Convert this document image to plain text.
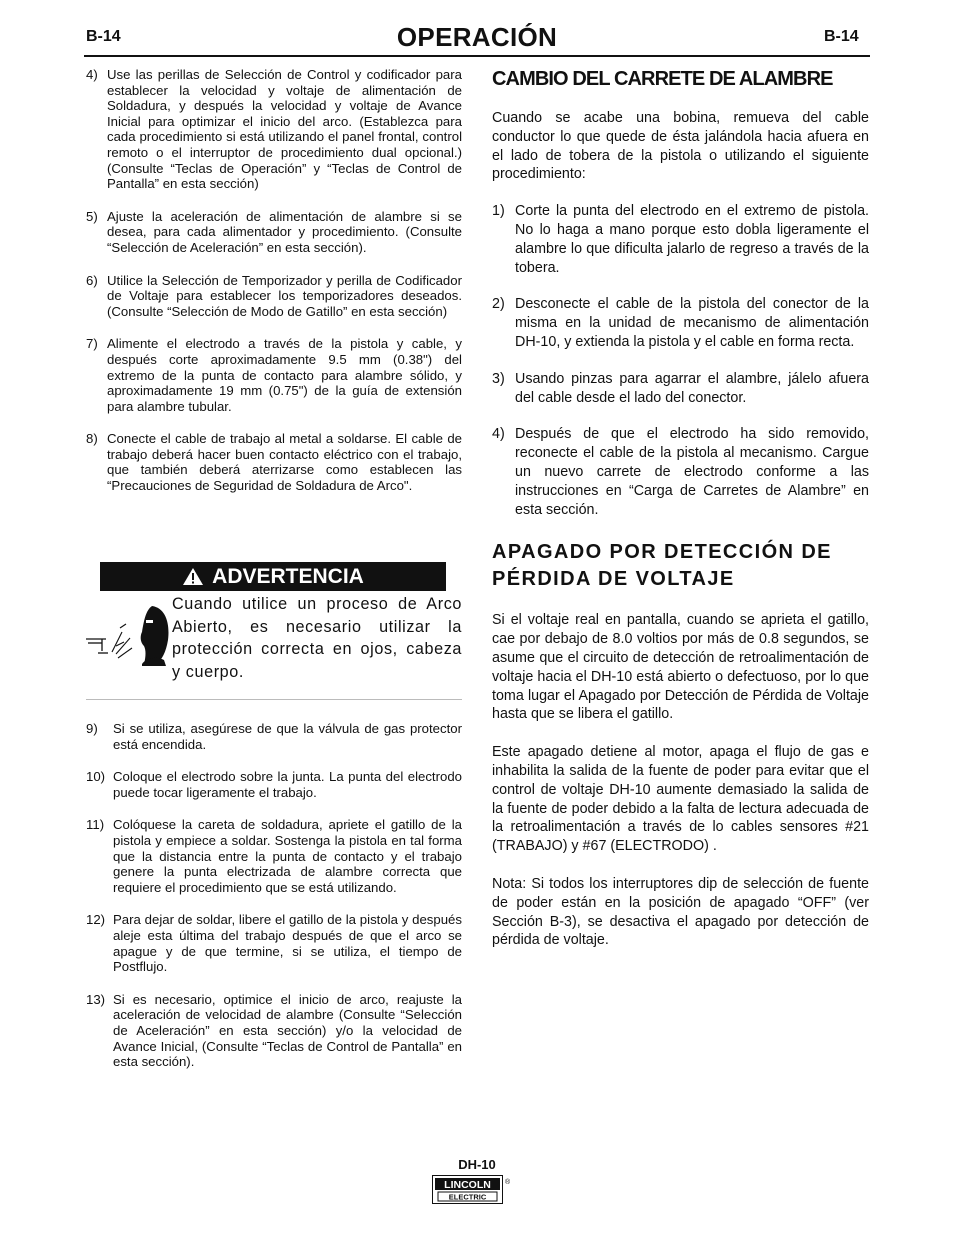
B-14	OPERACIÓN	B-14
4) Use las perillas de Selección de Control y codificador para establecer la velocidad y voltaje de alimentación de Soldadura, y después la velocidad y voltaje de Avance Inicial para optimizar el inicio del arco. (Establezca para cada procedimiento si está utilizando el panel frontal, control remoto o el interruptor de procedimiento dual opcional.) (Consulte “Teclas de Operación” y “Teclas de Control de Pantalla” en esta sección)
5) Ajuste la aceleración de alimentación de alambre si se desea, para cada alimentador y procedimiento. (Consulte “Selección de Aceleración” en esta sección).
6) Utilice la Selección de Temporizador y perilla de Codificador de Voltaje para establecer los temporizadores deseados. (Consulte “Selección de Modo de Gatillo” en esta sección)
7) Alimente el electrodo a través de la pistola y cable, y después corte aproximadamente 9.5 mm (0.38") del extremo de la punta de contacto para alambre sólido, y aproximadamente 19 mm (0.75") de la guía de extensión para alambre tubular.
8) Conecte el cable de trabajo al metal a soldarse. El cable de trabajo deberá hacer buen contacto eléctrico con el trabajo, que también deberá aterrizarse como establecen las “Precauciones de Seguridad de Soldadura de Arco".
ADVERTENCIA
Cuando utilice un proceso de Arco Abierto, es necesario utilizar la protección correcta en ojos, cabeza y cuerpo.
9)	Si se utiliza, asegúrese de que la válvula de gas protector está encendida.
10) Coloque el electrodo sobre la junta. La punta del electrodo puede tocar ligeramente el trabajo.
11) Colóquese la careta de soldadura, apriete el gatillo de la pistola y empiece a soldar. Sostenga la pistola en tal forma que la distancia entre la punta de contacto y el trabajo genere la punta electrizada de alambre correcta que requiere el procedimiento que se está utilizando.
12) Para dejar de soldar, libere el gatillo de la pistola y después aleje esta última del trabajo después de que el arco se apague y de que termine, si se utiliza, el tiempo de Postflujo.
13) Si es necesario, optimice el inicio de arco, reajuste la aceleración de velocidad de alambre (Consulte “Selección de Aceleración” en esta sección) y/o la velocidad de Avance Inicial, (Consulte “Teclas de Control de Pantalla” en esta sección).
CAMBIO DEL CARRETE DE ALAMBRE
Cuando se acabe una bobina, remueva del cable conductor lo que quede de ésta jalándola hacia afuera en el lado de tobera de la pistola o utilizando el siguiente procedimiento:
1) Corte la punta del electrodo en el extremo de pistola. No lo haga a mano porque esto dobla ligeramente el alambre lo que dificulta jalarlo de regreso a través de la tobera.
2) Desconecte el cable de la pistola del conector de la misma en la unidad de mecanismo de alimentación DH-10, y extienda la pistola y el cable en forma recta.
3) Usando pinzas para agarrar el alambre, jálelo afuera del cable desde el lado del conector.
4) Después de que el electrodo ha sido removido, reconecte el cable de la pistola al mecanismo. Cargue un nuevo carrete de electrodo conforme a las instrucciones en “Carga de Carretes de Alambre” en esta sección.
APAGADO POR DETECCIÓN DE
PÉRDIDA DE VOLTAJE
Si el voltaje real en pantalla, cuando se aprieta el gatillo, cae por debajo de 8.0 voltios por más de 0.8 segundos, se asume que el circuito de detección de retroalimentación de voltaje hacia el DH-10 está abierto o defectuoso, por lo que toma lugar el Apagado por Detección de Pérdida de Voltaje hasta que se libera el gatillo.
Este apagado detiene al motor, apaga el flujo de gas e inhabilita la salida de la fuente de poder para evitar que el control de voltaje DH-10 aumente demasiado la salida de la fuente de poder debido a la falta de lectura adecuada de la retroalimentación a través de lo cables sensores #21 (TRABAJO) y #67 (ELECTRODO) .
Nota: Si todos los interruptores dip de selección de fuente de poder están en la posición de apagado “OFF” (ver Sección B-3), se desactiva el apagado por detección de pérdida de voltaje.
DH-10
LINCOLN
ELECTRIC
®
